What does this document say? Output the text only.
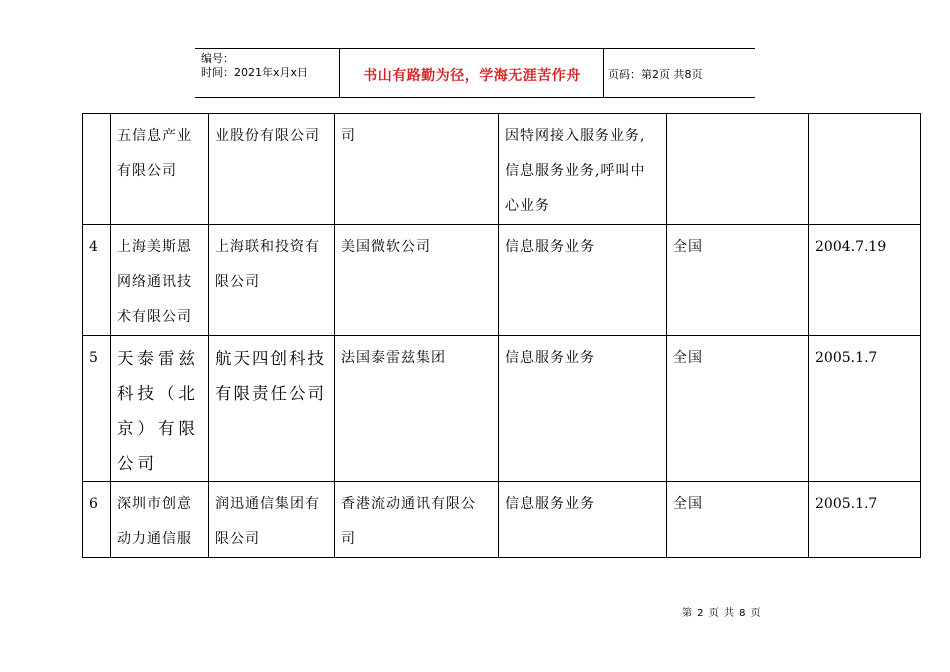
编号：
时间：2021年x月x日	书山有路勤为径，学海无涯苦作舟	页码：第2页 共8页

	五信息产业
有限公司	业股份有限公司	司	因特网接入服务业务,
信息服务业务,呼叫中
心业务		

4	上海美斯恩
网络通讯技
术有限公司	上海联和投资有
限公司	美国微软公司	信息服务业务	全国	2004.7.19
5	天泰雷兹
科技（北
京）有限
公司	航天四创科技
有限责任公司	法国泰雷兹集团	信息服务业务	全国	2005.1.7
6	深圳市创意
动力通信服	润迅通信集团有
限公司	香港流动通讯有限公
司	信息服务业务	全国	2005.1.7
第 2 页 共 8 页
